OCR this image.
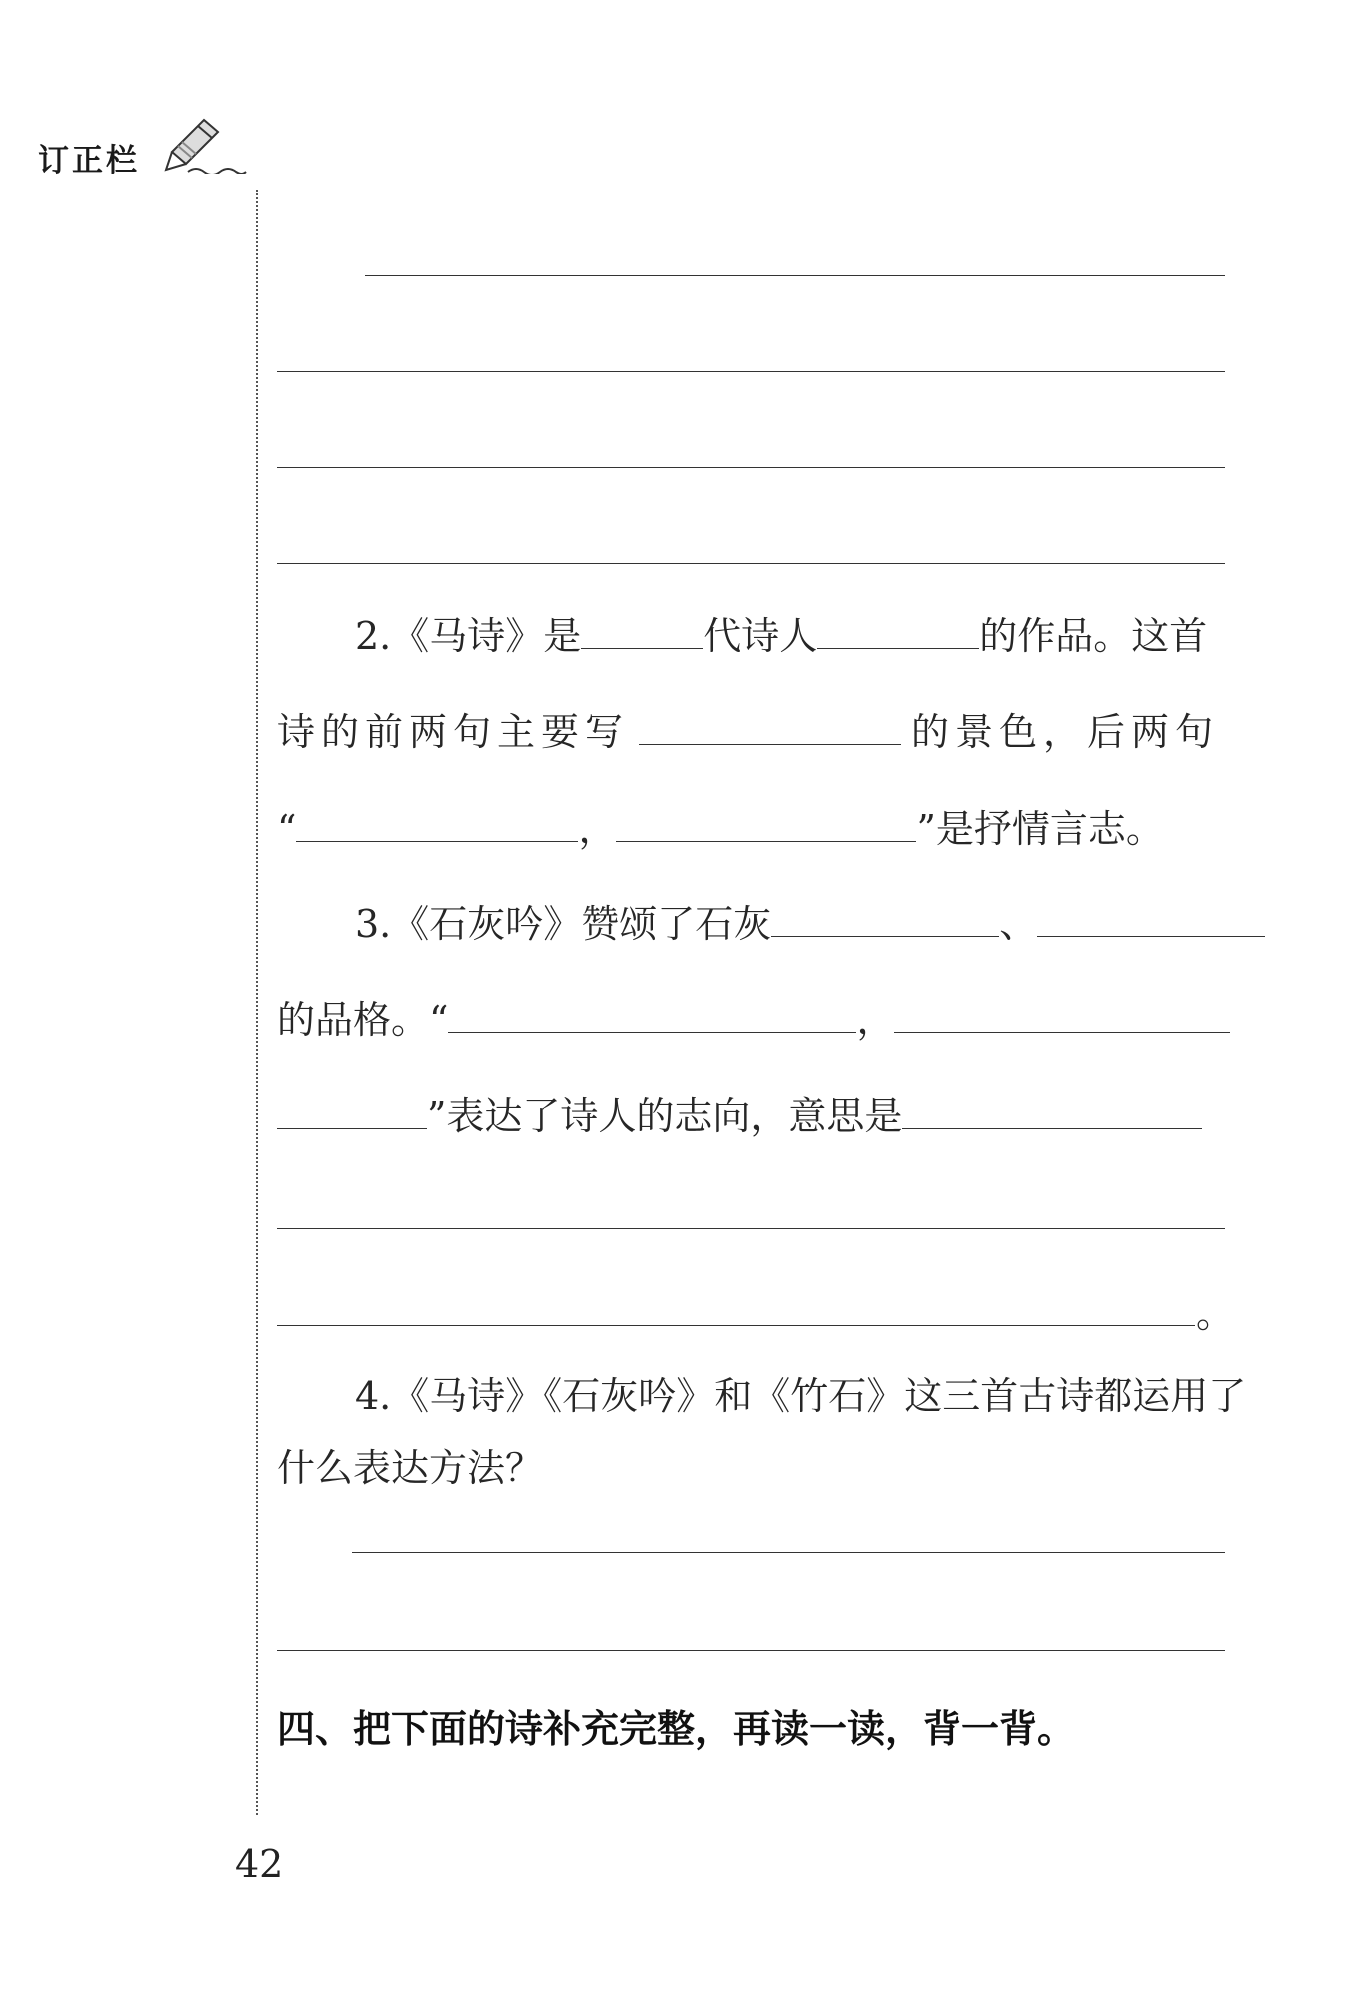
订正栏
2.《马诗》是	代诗人	的作品。这首
诗的前两句主要写	的景色，后两句
“	，	”是抒情言志。
3.《石灰吟》赞颂了石灰	、
的品格。“	，
”表达了诗人的志向，意思是
。
4.《马诗》《石灰吟》和《竹石》这三首古诗都运用了
什么表达方法？
四、把下面的诗补充完整，再读一读，背一背。
42
